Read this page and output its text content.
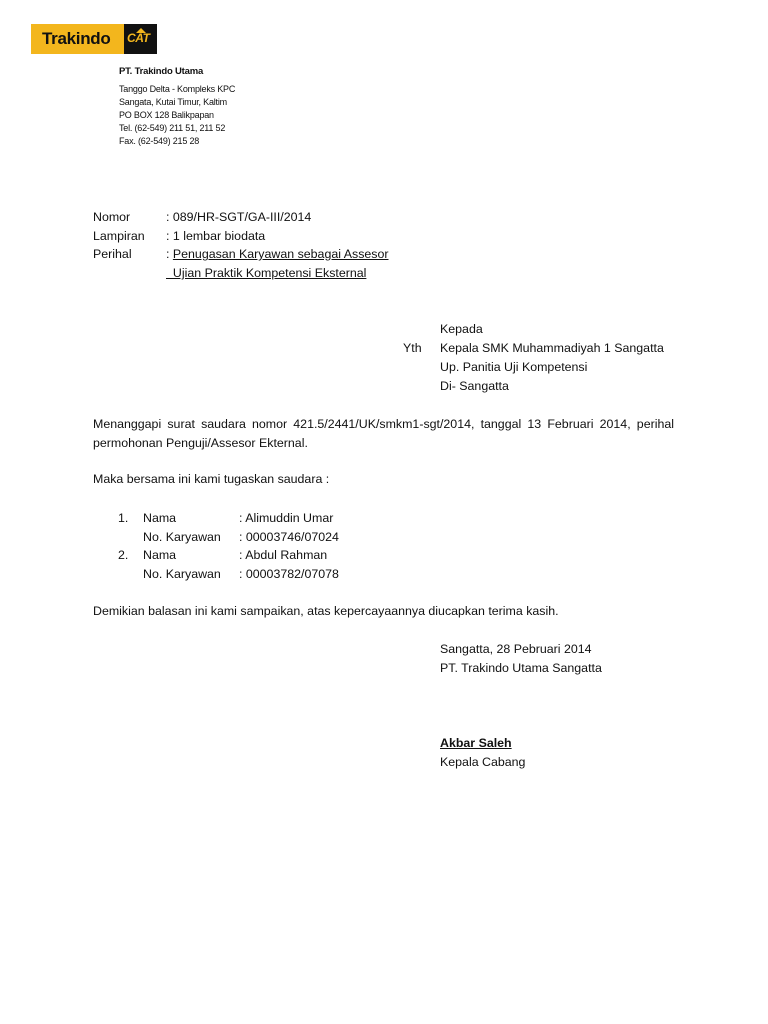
Trakindo CAT
PT. Trakindo Utama
Tanggo Delta - Kompleks KPC
Sangata, Kutai Timur, Kaltim
PO BOX 128 Balikpapan
Tel. (62-549) 211 51, 211 52
Fax. (62-549) 215 28
Nomor	: 089/HR-SGT/GA-III/2014
Lampiran : 1 lembar biodata
Perihal	: Penugasan Karyawan sebagai Assesor
Ujian Praktik Kompetensi Eksternal
Kepada
Yth Kepala SMK Muhammadiyah 1 Sangatta
Up. Panitia Uji Kompetensi
Di- Sangatta
Menanggapi surat saudara nomor 421.5/2441/UK/smkm1-sgt/2014, tanggal 13 Februari 2014, perihal permohonan Penguji/Assesor Ekternal.
Maka bersama ini kami tugaskan saudara :
1. Nama	: Alimuddin Umar
No. Karyawan : 00003746/07024
2. Nama	: Abdul Rahman
No. Karyawan : 00003782/07078
Demikian balasan ini kami sampaikan, atas kepercayaannya diucapkan terima kasih.
Sangatta, 28 Pebruari 2014
PT. Trakindo Utama Sangatta
Akbar Saleh
Kepala Cabang
